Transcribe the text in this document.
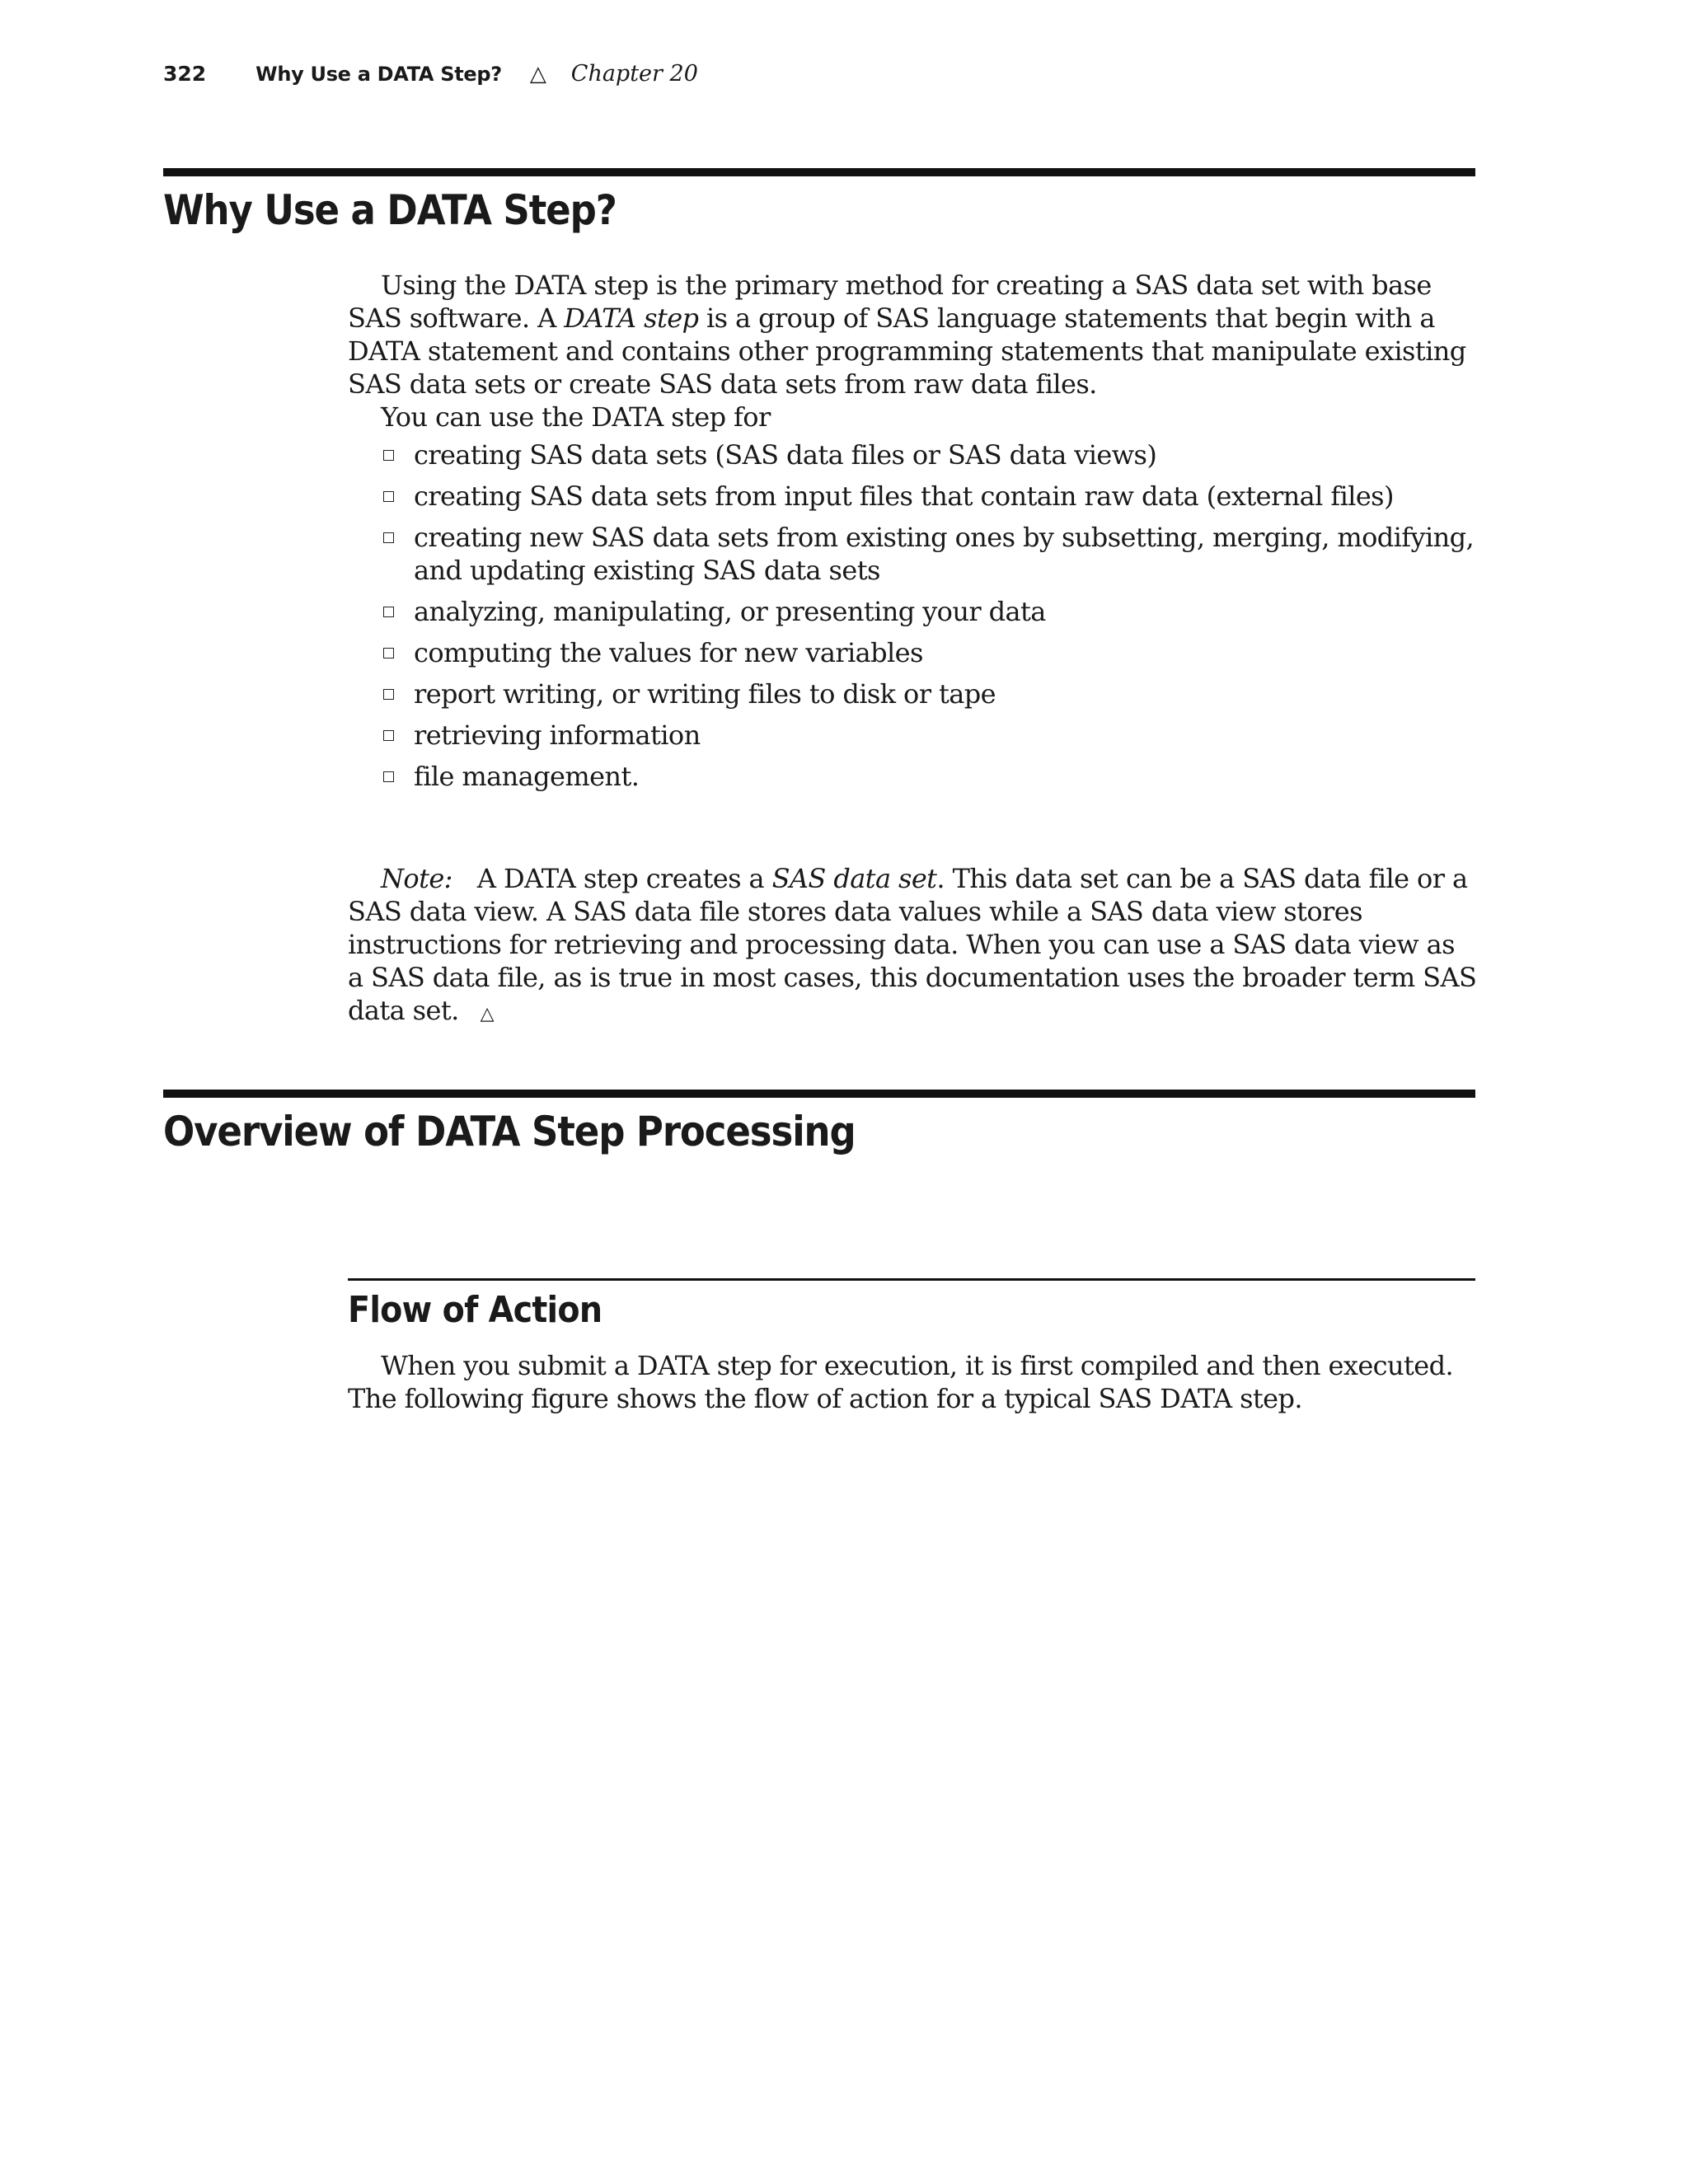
322 Why Use a DATA Step? △ Chapter 20
Why Use a DATA Step?

Using the DATA step is the primary method for creating a SAS data set with base SAS software. A DATA step is a group of SAS language statements that begin with a DATA statement and contains other programming statements that manipulate existing SAS data sets or create SAS data sets from raw data files.

You can use the DATA step for

creating SAS data sets (SAS data files or SAS data views)
creating SAS data sets from input files that contain raw data (external files)
creating new SAS data sets from existing ones by subsetting, merging, modifying, and updating existing SAS data sets
analyzing, manipulating, or presenting your data
computing the values for new variables
report writing, or writing files to disk or tape
retrieving information
file management.

Note: A DATA step creates a SAS data set. This data set can be a SAS data file or a SAS data view. A SAS data file stores data values while a SAS data view stores instructions for retrieving and processing data. When you can use a SAS data view as a SAS data file, as is true in most cases, this documentation uses the broader term SAS data set. △

Overview of DATA Step Processing
Flow of Action

When you submit a DATA step for execution, it is first compiled and then executed. The following figure shows the flow of action for a typical SAS DATA step.
